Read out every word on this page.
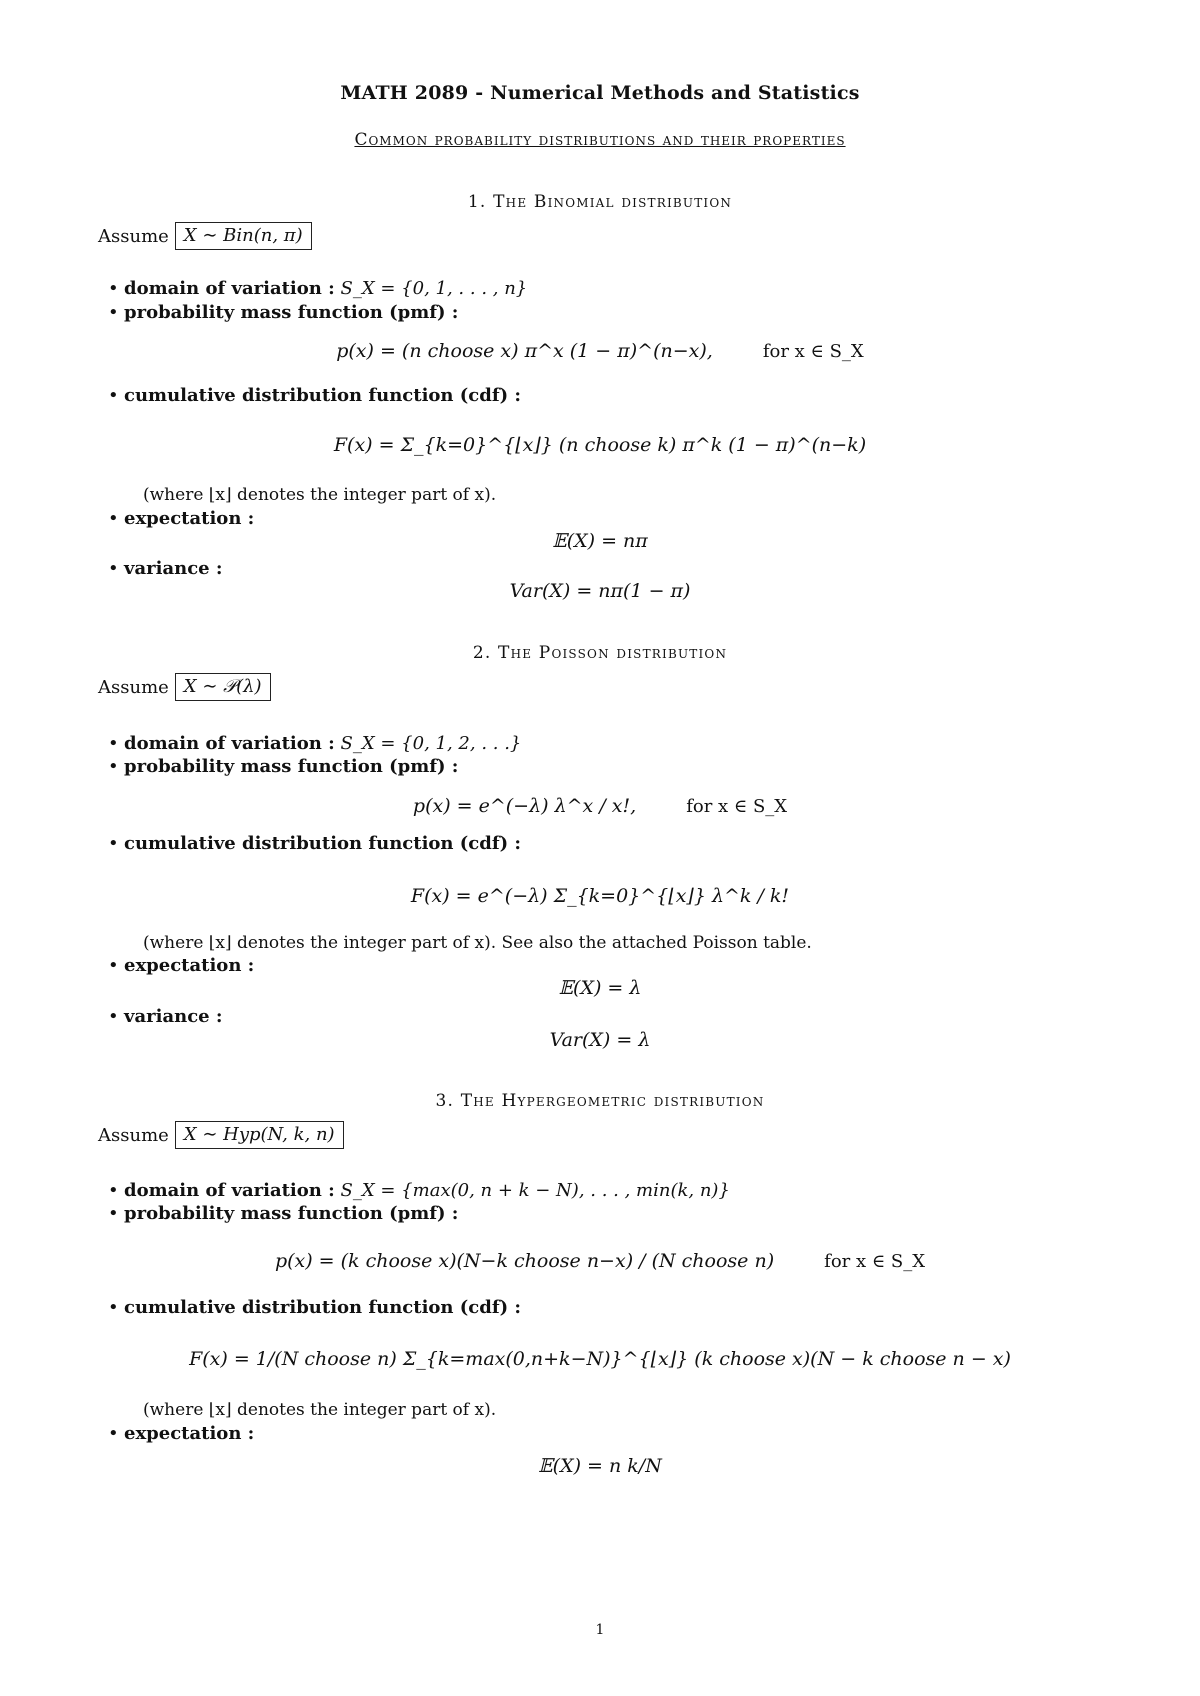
MATH 2089 - Numerical Methods and Statistics
Common probability distributions and their properties
1. The Binomial distribution
Assume X ∼ Bin(n, π)
• domain of variation : S_X = {0, 1, . . . , n}
• probability mass function (pmf) :
p(x) = (n choose x) π^x (1 − π)^(n−x),	for x ∈ S_X
• cumulative distribution function (cdf) :
F(x) = Σ_{k=0}^{⌊x⌋} (n choose k) π^k (1 − π)^(n−k)
(where ⌊x⌋ denotes the integer part of x).
• expectation :
𝔼(X) = nπ
• variance :
Var(X) = nπ(1 − π)
2. The Poisson distribution
Assume X ∼ 𝒫(λ)
• domain of variation : S_X = {0, 1, 2, . . .}
• probability mass function (pmf) :
p(x) = e^(−λ) λ^x / x!,	for x ∈ S_X
• cumulative distribution function (cdf) :
F(x) = e^(−λ) Σ_{k=0}^{⌊x⌋} λ^k / k!
(where ⌊x⌋ denotes the integer part of x). See also the attached Poisson table.
• expectation :
𝔼(X) = λ
• variance :
Var(X) = λ
3. The Hypergeometric distribution
Assume X ∼ Hyp(N, k, n)
• domain of variation : S_X = {max(0, n + k − N), . . . , min(k, n)}
• probability mass function (pmf) :
p(x) = (k choose x)(N−k choose n−x) / (N choose n)	for x ∈ S_X
• cumulative distribution function (cdf) :
F(x) = 1/(N choose n) Σ_{k=max(0,n+k−N)}^{⌊x⌋} (k choose x)(N − k choose n − x)
(where ⌊x⌋ denotes the integer part of x).
• expectation :
𝔼(X) = n k/N
1
